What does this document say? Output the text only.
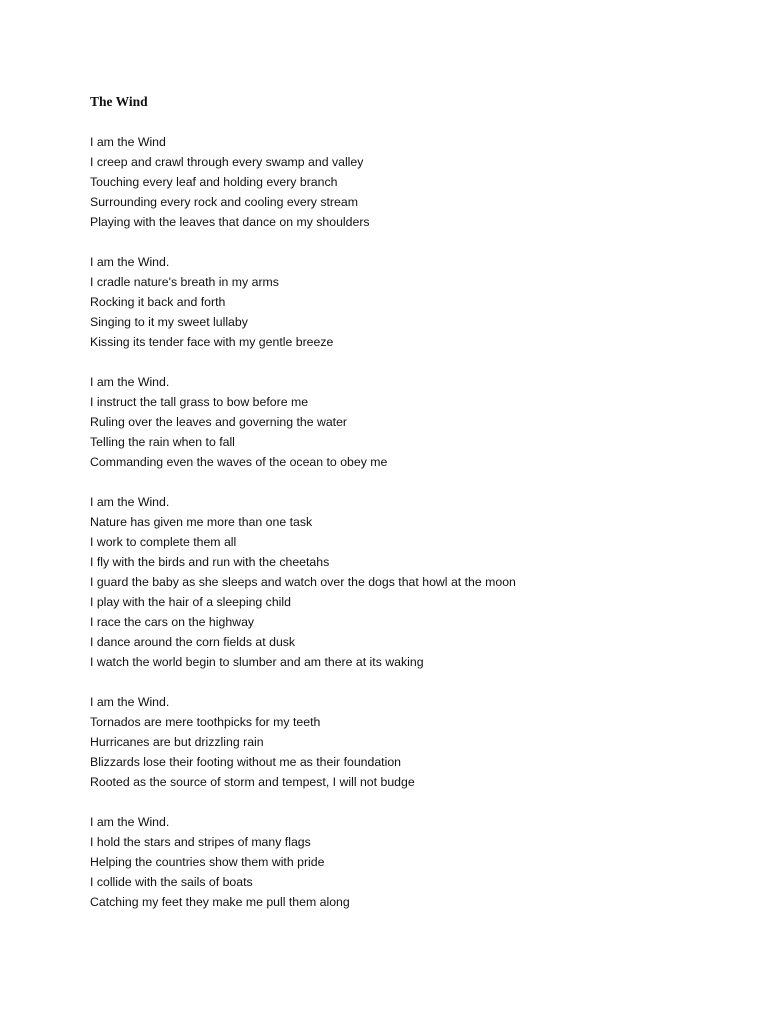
The Wind
I am the Wind
I creep and crawl through every swamp and valley
Touching every leaf and holding every branch
Surrounding every rock and cooling every stream
Playing with the leaves that dance on my shoulders
I am the Wind.
I cradle nature's breath in my arms
Rocking it back and forth
Singing to it my sweet lullaby
Kissing its tender face with my gentle breeze
I am the Wind.
I instruct the tall grass to bow before me
Ruling over the leaves and governing the water
Telling the rain when to fall
Commanding even the waves of the ocean to obey me
I am the Wind.
Nature has given me more than one task
I work to complete them all
I fly with the birds and run with the cheetahs
I guard the baby as she sleeps and watch over the dogs that howl at the moon
I play with the hair of a sleeping child
I race the cars on the highway
I dance around the corn fields at dusk
I watch the world begin to slumber and am there at its waking
I am the Wind.
Tornados are mere toothpicks for my teeth
Hurricanes are but drizzling rain
Blizzards lose their footing without me as their foundation
Rooted as the source of storm and tempest, I will not budge
I am the Wind.
I hold the stars and stripes of many flags
Helping the countries show them with pride
I collide with the sails of boats
Catching my feet they make me pull them along
